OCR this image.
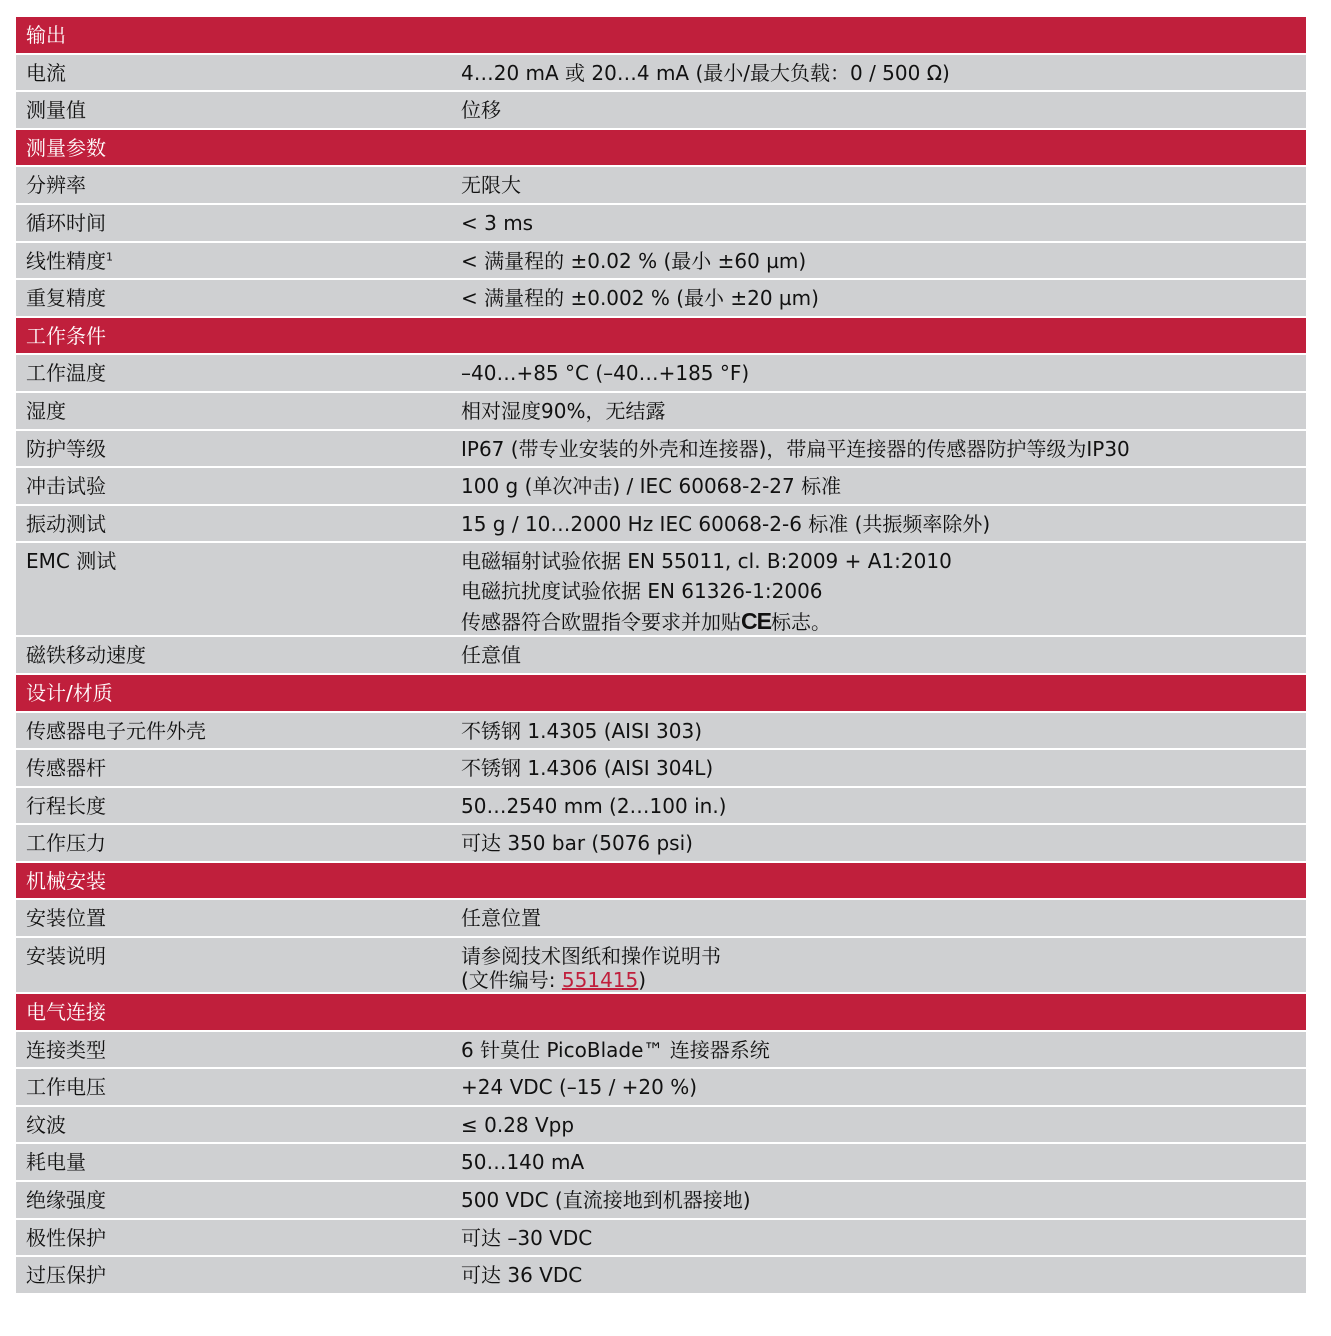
输出
电流	4…20 mA 或 20…4 mA (最小/最大负载：0 / 500 Ω)
测量值	位移
测量参数
分辨率	无限大
循环时间	< 3 ms
线性精度$^1$	< 满量程的 ±0.02 % (最小 ±60 µm)
重复精度	< 满量程的 ±0.002 % (最小 ±20 µm)
工作条件
工作温度	–40…+85 °C (–40…+185 °F)
湿度	相对湿度90%，无结露
防护等级	IP67 (带专业安装的外壳和连接器)，带扁平连接器的传感器防护等级为IP30
冲击试验	100 g (单次冲击) / IEC 60068-2-27 标准
振动测试	15 g / 10…2000 Hz IEC 60068-2-6 标准 (共振频率除外)
EMC 测试	电磁辐射试验依据 EN 55011, cl. B:2009 + A1:2010
电磁抗扰度试验依据 EN 61326-1:2006
传感器符合欧盟指令要求并加贴CE标志。
磁铁移动速度	任意值
设计/材质
传感器电子元件外壳	不锈钢 1.4305 (AISI 303)
传感器杆	不锈钢 1.4306 (AISI 304L)
行程长度	50…2540 mm (2…100 in.)
工作压力	可达 350 bar (5076 psi)
机械安装
安装位置	任意位置
安装说明	请参阅技术图纸和操作说明书
(文件编号: 551415)
电气连接
连接类型	6 针莫仕 PicoBlade™ 连接器系统
工作电压	+24 VDC (–15 / +20 %)
纹波	≤ 0.28 Vpp
耗电量	50…140 mA
绝缘强度	500 VDC (直流接地到机器接地)
极性保护	可达 –30 VDC
过压保护	可达 36 VDC
